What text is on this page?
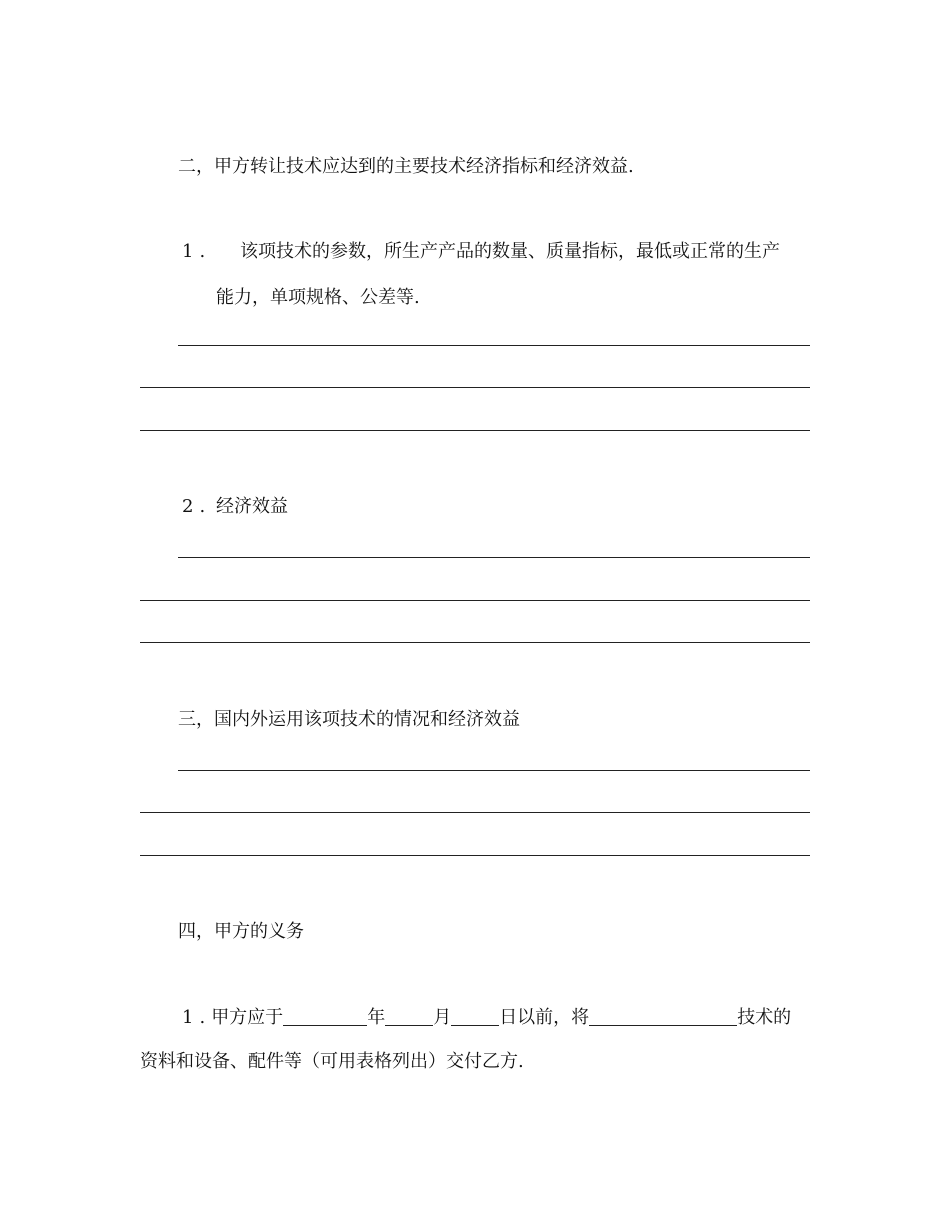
二，甲方转让技术应达到的主要技术经济指标和经济效益.
1. 该项技术的参数，所生产产品的数量、质量指标，最低或正常的生产
能力，单项规格、公差等.
2. 经济效益
三，国内外运用该项技术的情况和经济效益
四，甲方的义务
1.甲方应于	年	月	日以前，将	技术的
资料和设备、配件等（可用表格列出）交付乙方.
